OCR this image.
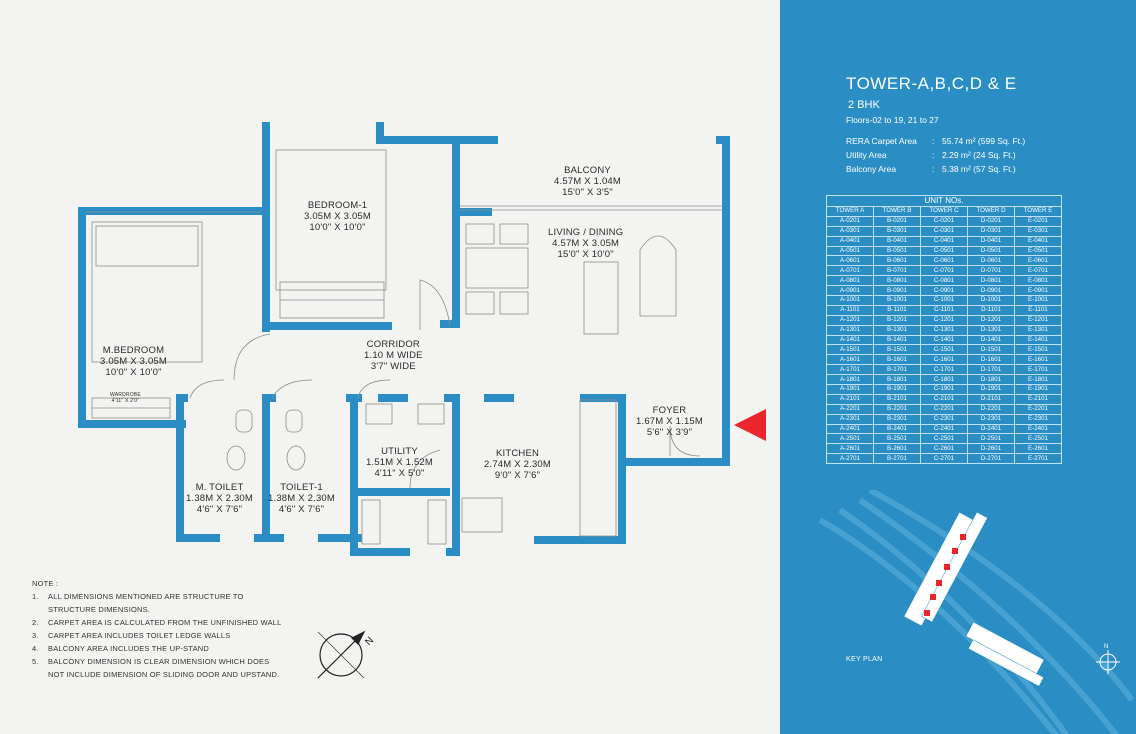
BALCONY
4.57M X 1.04M
15'0" X 3'5"
BEDROOM-1
3.05M X 3.05M
10'0" X 10'0"	LIVING / DINING
4.57M X 3.05M
15'0" X 10'0"
M.BEDROOM
3.05M X 3.05M
10'0" X 10'0"
CORRIDOR
1.10 M WIDE
3'7" WIDE
WARDROBE
4'11" X 2'0"
FOYER
1.67M X 1.15M
5'6" X 3'9"
UTILITY
1.51M X 1.52M
4'11" X 5'0"
KITCHEN
2.74M X 2.30M
9'0" X 7'6"
M. TOILET
1.38M X 2.30M
4'6" X 7'6"
TOILET-1
1.38M X 2.30M
4'6" X 7'6"
NOTE :
1.	ALL DIMENSIONS MENTIONED ARE STRUCTURE TO
STRUCTURE DIMENSIONS.
2.	CARPET AREA IS CALCULATED FROM THE UNFINISHED WALL
3.	CARPET AREA INCLUDES TOILET LEDGE WALLS
4.	BALCONY AREA INCLUDES THE UP-STAND
5.	BALCONY DIMENSION IS CLEAR DIMENSION WHICH DOES
NOT INCLUDE DIMENSION OF SLIDING DOOR AND UPSTAND.
N
TOWER-A,B,C,D & E
2 BHK
Floors-02 to 19, 21 to 27
RERA Carpet Area	: 55.74 m² (599 Sq. Ft.)
Utility Area	: 2.29 m² (24 Sq. Ft.)
Balcony Area	: 5.38 m² (57 Sq. Ft.)
UNIT NOs.				
TOWER A	TOWER B	TOWER C	TOWER D	TOWER E
A-0201	B-0201	C-0201	D-0201	E-0201
A-0301	B-0301	C-0301	D-0301	E-0301
A-0401	B-0401	C-0401	D-0401	E-0401
A-0501	B-0501	C-0501	D-0501	E-0501
A-0601	B-0601	C-0601	D-0601	E-0601
A-0701	B-0701	C-0701	D-0701	E-0701
A-0801	B-0801	C-0801	D-0801	E-0801
A-0901	B-0901	C-0901	D-0901	E-0901
A-1001	B-1001	C-1001	D-1001	E-1001
A-1101	B-1101	C-1101	D-1101	E-1101
A-1201	B-1201	C-1201	D-1201	E-1201
A-1301	B-1301	C-1301	D-1301	E-1301
A-1401	B-1401	C-1401	D-1401	E-1401
A-1501	B-1501	C-1501	D-1501	E-1501
A-1601	B-1601	C-1601	D-1601	E-1601
A-1701	B-1701	C-1701	D-1701	E-1701
A-1801	B-1801	C-1801	D-1801	E-1801
A-1901	B-1901	C-1901	D-1901	E-1901
A-2101	B-2101	C-2101	D-2101	E-2101
A-2201	B-2201	C-2201	D-2201	E-2201
A-2301	B-2301	C-2301	D-2301	E-2301
A-2401	B-2401	C-2401	D-2401	E-2401
A-2501	B-2501	C-2501	D-2501	E-2501
A-2601	B-2601	C-2601	D-2601	E-2601
A-2701	B-2701	C-2701	D-2701	E-2701
N
KEY PLAN
